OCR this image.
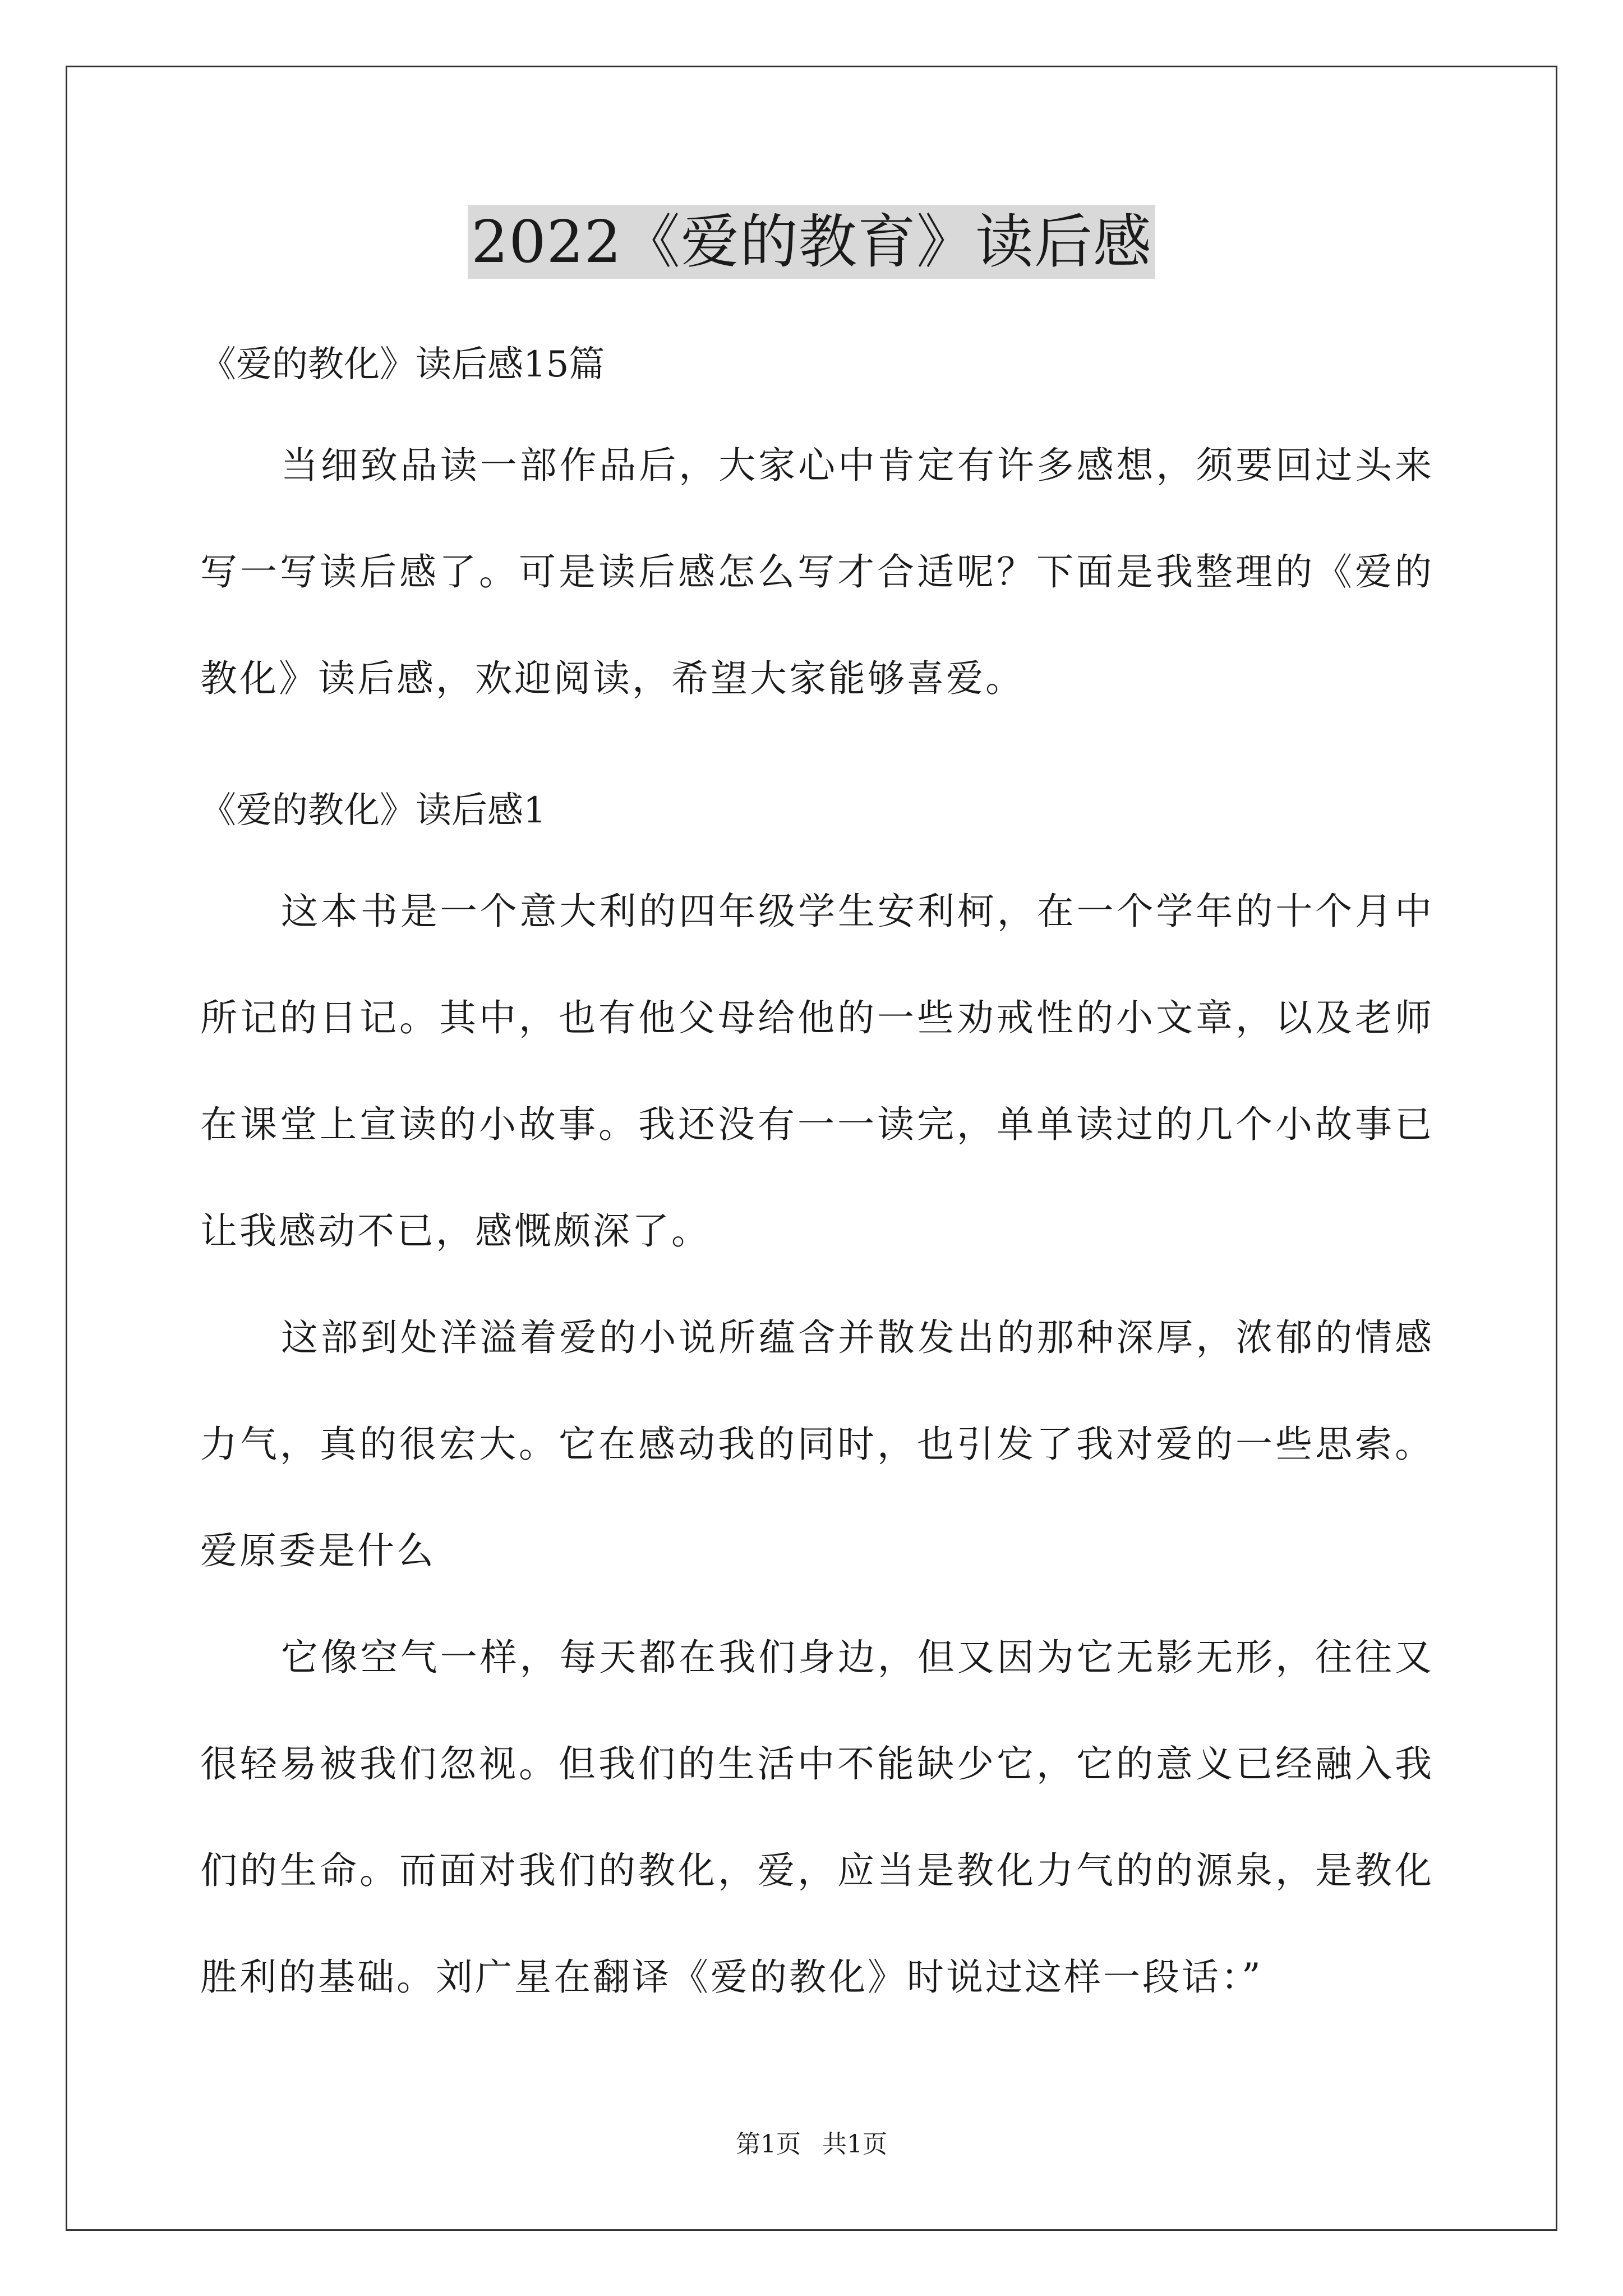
2022《爱的教育》读后感

《爱的教化》读后感15篇

当细致品读一部作品后，大家心中肯定有许多感想，须要回过头来写一写读后感了。可是读后感怎么写才合适呢？下面是我整理的《爱的教化》读后感，欢迎阅读，希望大家能够喜爱。

《爱的教化》读后感1

这本书是一个意大利的四年级学生安利柯，在一个学年的十个月中所记的日记。其中，也有他父母给他的一些劝戒性的小文章，以及老师在课堂上宣读的小故事。我还没有一一读完，单单读过的几个小故事已让我感动不已，感慨颇深了。

这部到处洋溢着爱的小说所蕴含并散发出的那种深厚，浓郁的情感力气，真的很宏大。它在感动我的同时，也引发了我对爱的一些思索。爱原委是什么

它像空气一样，每天都在我们身边，但又因为它无影无形，往往又很轻易被我们忽视。但我们的生活中不能缺少它，它的意义已经融入我们的生命。而面对我们的教化，爱，应当是教化力气的的源泉，是教化胜利的基础。刘广星在翻译《爱的教化》时说过这样一段话：”

第1页 共1页
